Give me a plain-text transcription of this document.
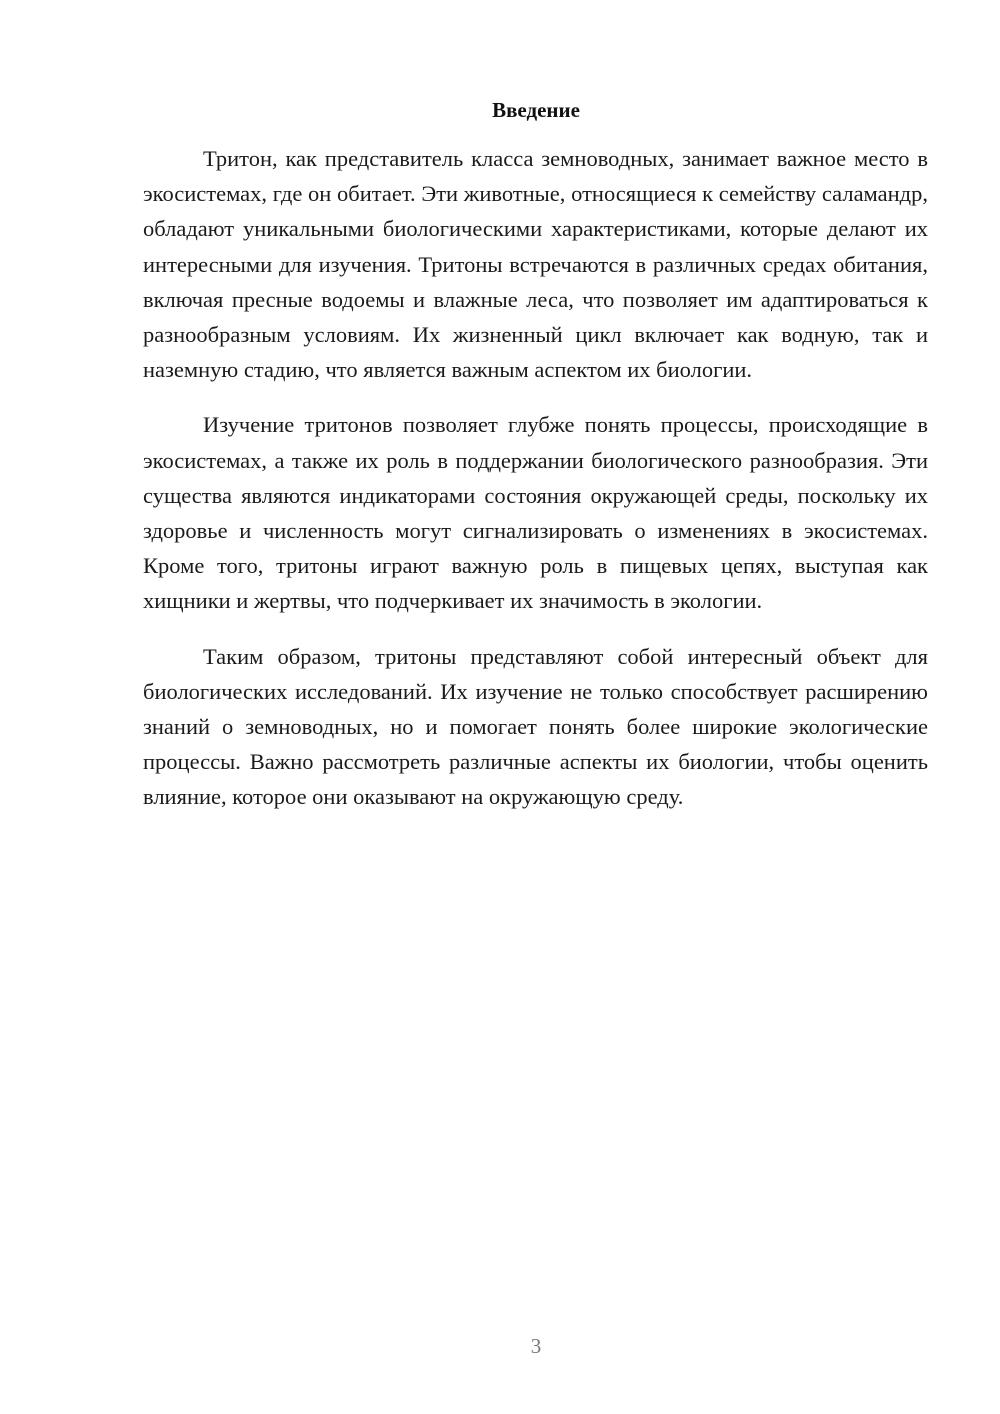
Введение

Тритон, как представитель класса земноводных, занимает важное место в экосистемах, где он обитает. Эти животные, относящиеся к семейству саламандр, обладают уникальными биологическими характеристиками, которые делают их интересными для изучения. Тритоны встречаются в различных средах обитания, включая пресные водоемы и влажные леса, что позволяет им адаптироваться к разнообразным условиям. Их жизненный цикл включает как водную, так и наземную стадию, что является важным аспектом их биологии.

Изучение тритонов позволяет глубже понять процессы, происходящие в экосистемах, а также их роль в поддержании биологического разнообразия. Эти существа являются индикаторами состояния окружающей среды, поскольку их здоровье и численность могут сигнализировать о изменениях в экосистемах. Кроме того, тритоны играют важную роль в пищевых цепях, выступая как хищники и жертвы, что подчеркивает их значимость в экологии.

Таким образом, тритоны представляют собой интересный объект для биологических исследований. Их изучение не только способствует расширению знаний о земноводных, но и помогает понять более широкие экологические процессы. Важно рассмотреть различные аспекты их биологии, чтобы оценить влияние, которое они оказывают на окружающую среду.

3
